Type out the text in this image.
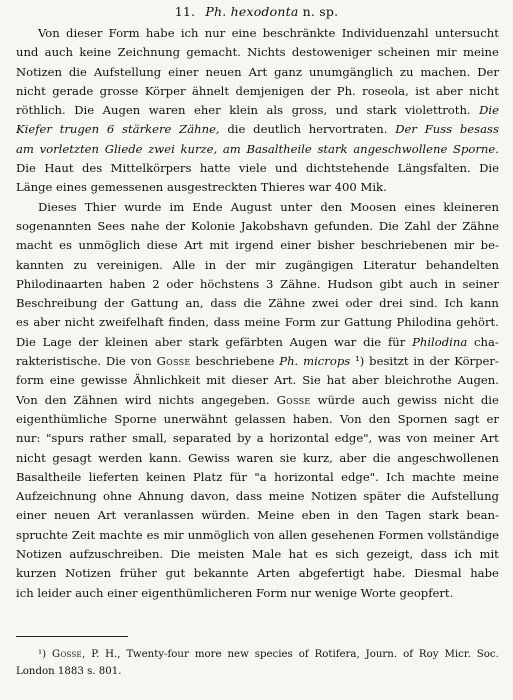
11. Ph. hexodonta n. sp.
Von dieser Form habe ich nur eine beschränkte Individuenzahl untersucht
und auch keine Zeichnung gemacht. Nichts destoweniger scheinen mir meine
Notizen die Aufstellung einer neuen Art ganz unumgänglich zu machen. Der
nicht gerade grosse Körper ähnelt demjenigen der Ph. roseola, ist aber nicht
röthlich. Die Augen waren eher klein als gross, und stark violettroth. Die
Kiefer trugen 6 stärkere Zähne, die deutlich hervortraten. Der Fuss besass
am vorletzten Gliede zwei kurze, am Basaltheile stark angeschwollene Sporne.
Die Haut des Mittelkörpers hatte viele und dichtstehende Längsfalten. Die
Länge eines gemessenen ausgestreckten Thieres war 400 Mik.
Dieses Thier wurde im Ende August unter den Moosen eines kleineren
sogenannten Sees nahe der Kolonie Jakobshavn gefunden. Die Zahl der Zähne
macht es unmöglich diese Art mit irgend einer bisher beschriebenen mir be-
kannten zu vereinigen. Alle in der mir zugängigen Literatur behandelten
Philodinaarten haben 2 oder höchstens 3 Zähne. Hudson gibt auch in seiner
Beschreibung der Gattung an, dass die Zähne zwei oder drei sind. Ich kann
es aber nicht zweifelhaft finden, dass meine Form zur Gattung Philodina gehört.
Die Lage der kleinen aber stark gefärbten Augen war die für Philodina cha-
rakteristische. Die von Gosse beschriebene Ph. microps ¹) besitzt in der Körper-
form eine gewisse Ähnlichkeit mit dieser Art. Sie hat aber bleichrothe Augen.
Von den Zähnen wird nichts angegeben. Gosse würde auch gewiss nicht die
eigenthümliche Sporne unerwähnt gelassen haben. Von den Spornen sagt er
nur: "spurs rather small, separated by a horizontal edge", was von meiner Art
nicht gesagt werden kann. Gewiss waren sie kurz, aber die angeschwollenen
Basaltheile lieferten keinen Platz für "a horizontal edge". Ich machte meine
Aufzeichnung ohne Ahnung davon, dass meine Notizen später die Aufstellung
einer neuen Art veranlassen würden. Meine eben in den Tagen stark bean-
spruchte Zeit machte es mir unmöglich von allen gesehenen Formen vollständige
Notizen aufzuschreiben. Die meisten Male hat es sich gezeigt, dass ich mit
kurzen Notizen früher gut bekannte Arten abgefertigt habe. Diesmal habe
ich leider auch einer eigenthümlicheren Form nur wenige Worte geopfert.
¹) Gosse, P. H., Twenty-four more new species of Rotifera, Journ. of Roy Micr. Soc.
London 1883 s. 801.
